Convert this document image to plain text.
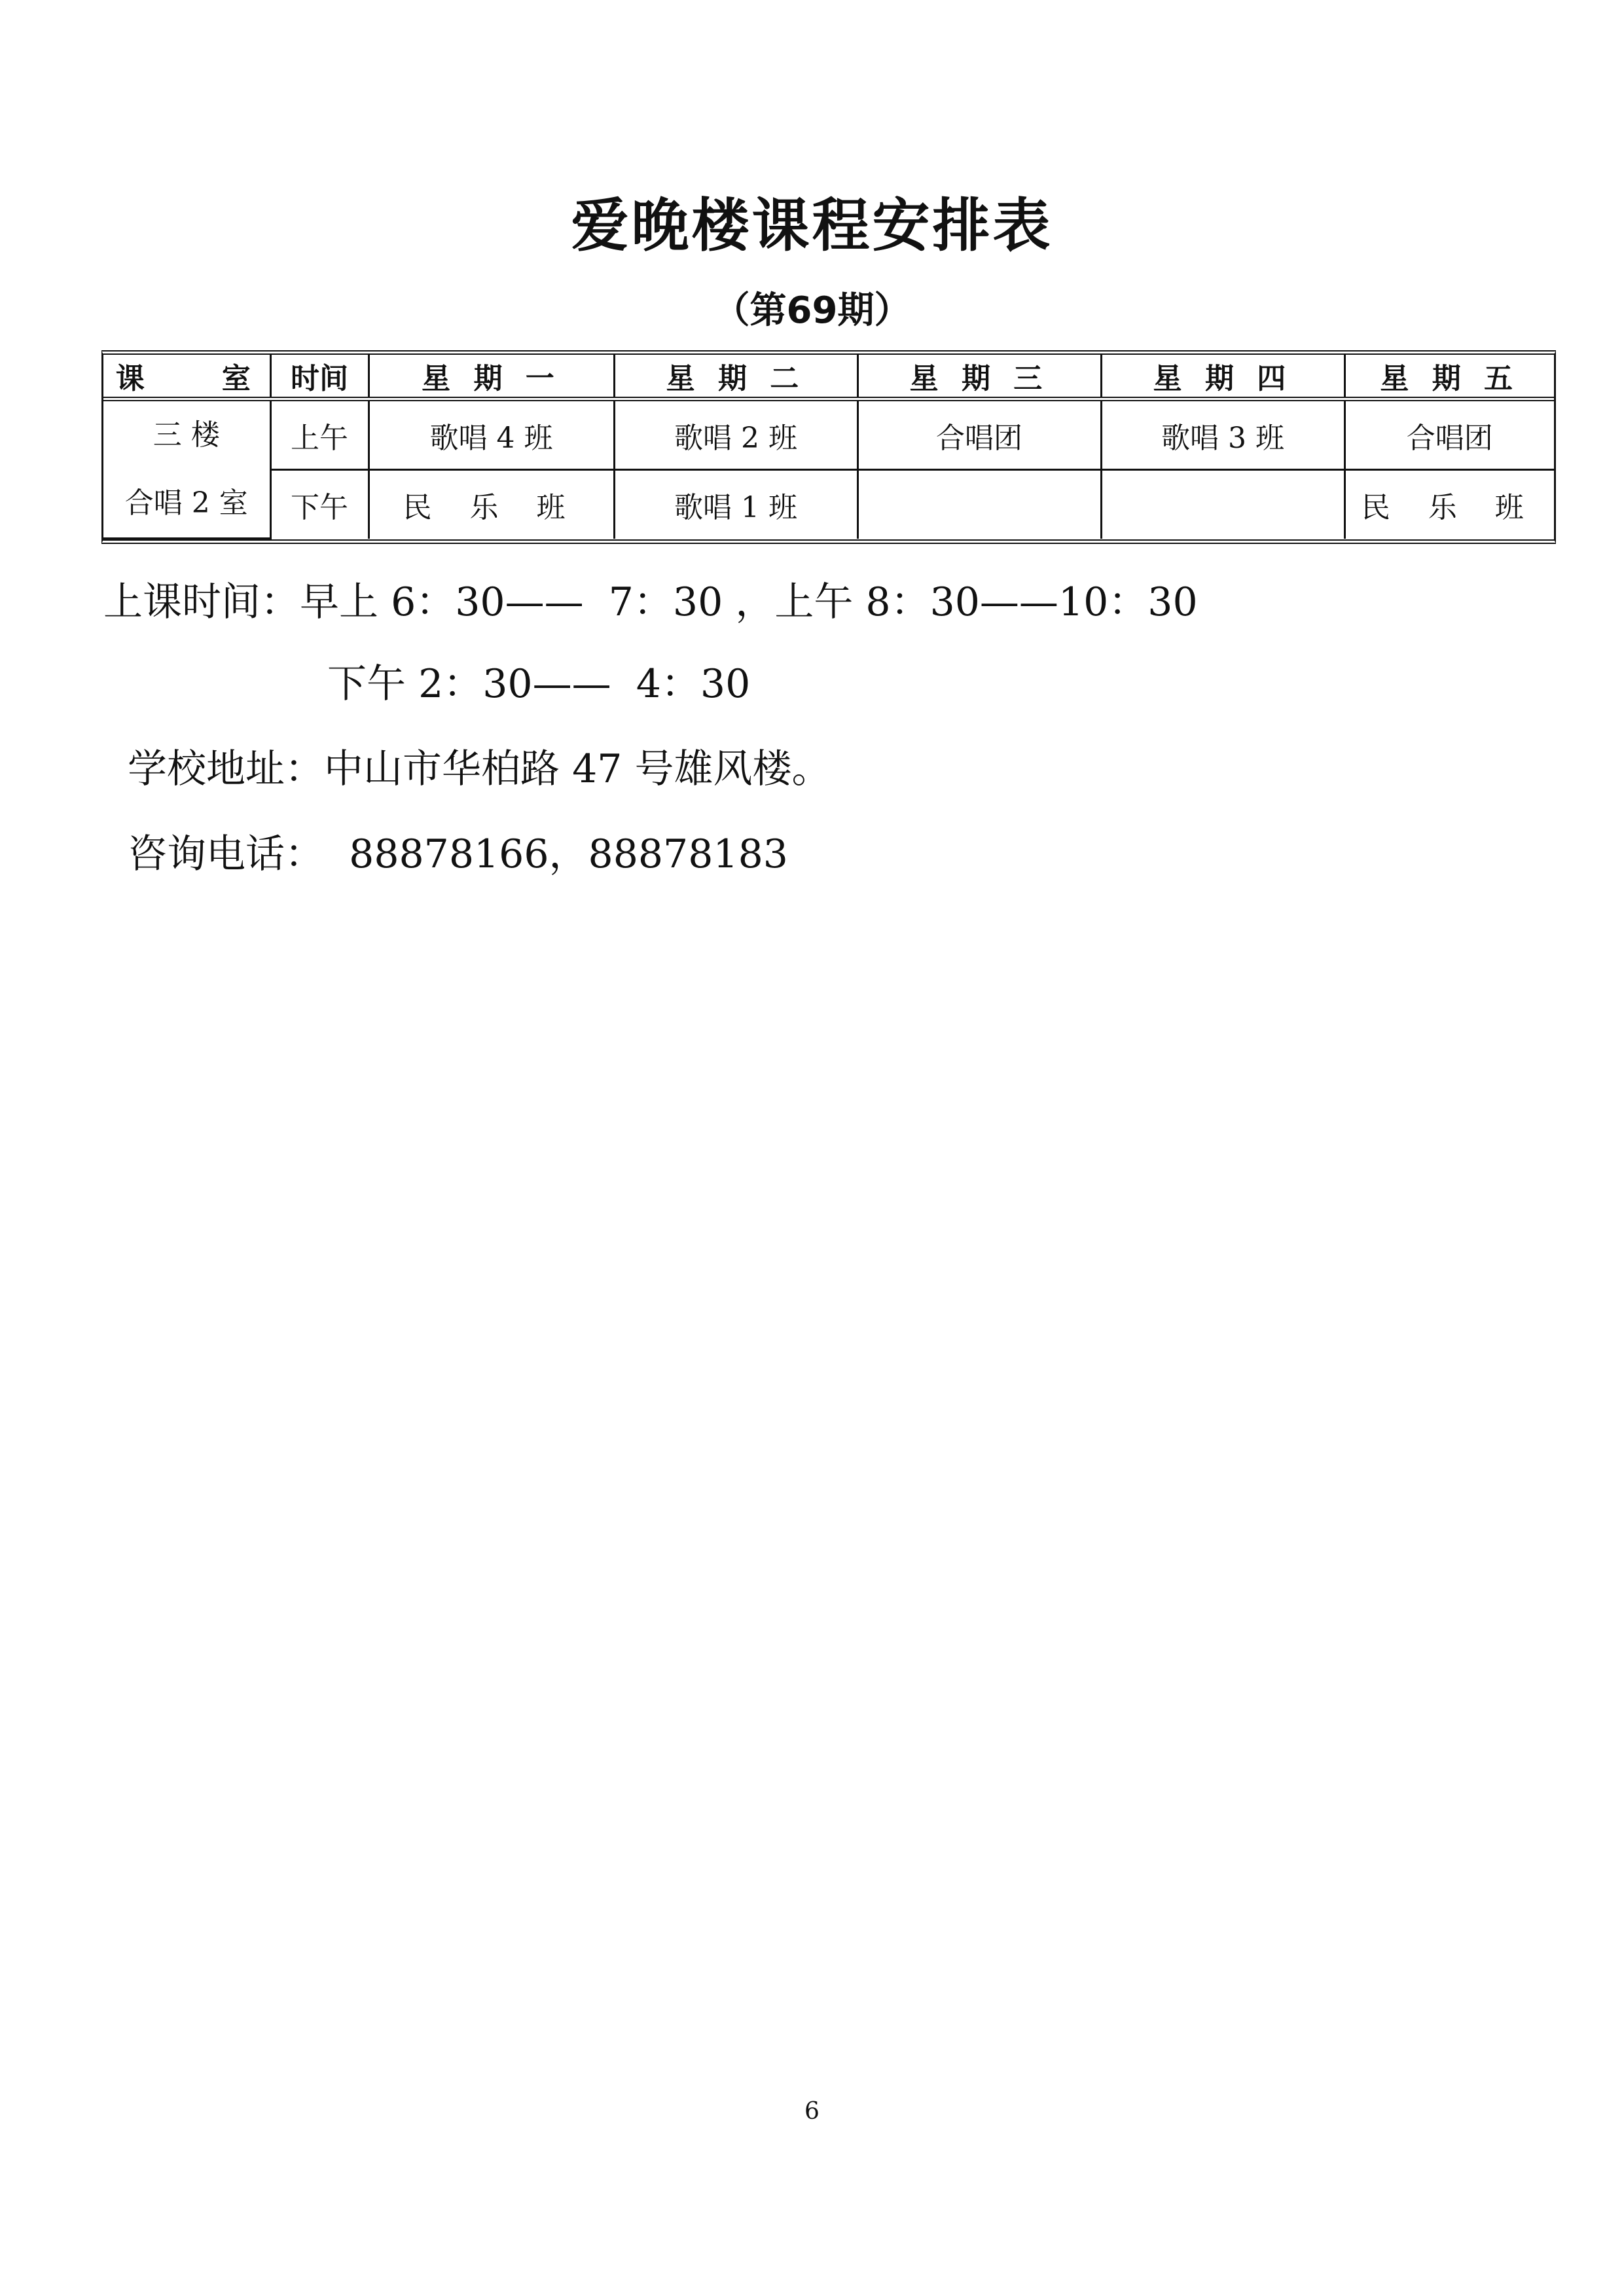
爱晚楼课程安排表
（第69期）
课　　室	时间	星 期 一	星 期 二	星 期 三	星 期 四	星 期 五

三 楼
合唱 2 室	上午	歌唱 4 班	歌唱 2 班	合唱团	歌唱 3 班	合唱团
	下午	民 乐 班	歌唱 1 班			民 乐 班
上课时间：早上 6：30——  7：30 ，上午 8：30——10：30
下午 2：30——  4：30
学校地址：中山市华柏路 47 号雄风楼。
咨询电话：  88878166，88878183
6
